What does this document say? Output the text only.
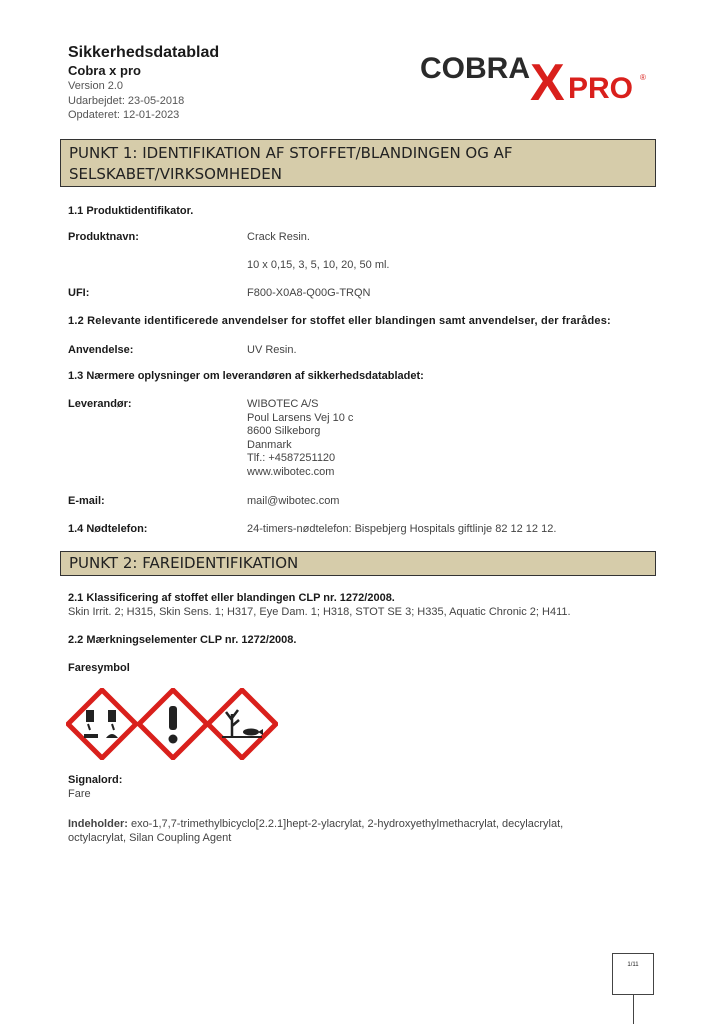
Sikkerhedsdatablad
Cobra x pro
Version 2.0
Udarbejdet: 23-05-2018
Opdateret: 12-01-2023
COBRA X PRO ®
PUNKT 1: IDENTIFIKATION AF STOFFET/BLANDINGEN OG AF
SELSKABET/VIRKSOMHEDEN
1.1 Produktidentifikator.
Produktnavn:	Crack Resin.
10 x 0,15, 3, 5, 10, 20, 50 ml.
UFI:	F800-X0A8-Q00G-TRQN
1.2 Relevante identificerede anvendelser for stoffet eller blandingen samt anvendelser, der frarådes:
Anvendelse:	UV Resin.
1.3 Nærmere oplysninger om leverandøren af sikkerhedsdatabladet:
Leverandør:	WIBOTEC A/S
Poul Larsens Vej 10 c
8600 Silkeborg
Danmark
Tlf.: +4587251120
www.wibotec.com
E-mail:	mail@wibotec.com
1.4 Nødtelefon:	24-timers-nødtelefon: Bispebjerg Hospitals giftlinje 82 12 12 12.
PUNKT 2: FAREIDENTIFIKATION
2.1 Klassificering af stoffet eller blandingen CLP nr. 1272/2008.
Skin Irrit. 2; H315, Skin Sens. 1; H317, Eye Dam. 1; H318, STOT SE 3; H335, Aquatic Chronic 2; H411.
2.2 Mærkningselementer CLP nr. 1272/2008.
Faresymbol
Signalord:
Fare
Indeholder: exo-1,7,7-trimethylbicyclo[2.2.1]hept-2-ylacrylat, 2-hydroxyethylmethacrylat, decylacrylat,
octylacrylat, Silan Coupling Agent
1/11
